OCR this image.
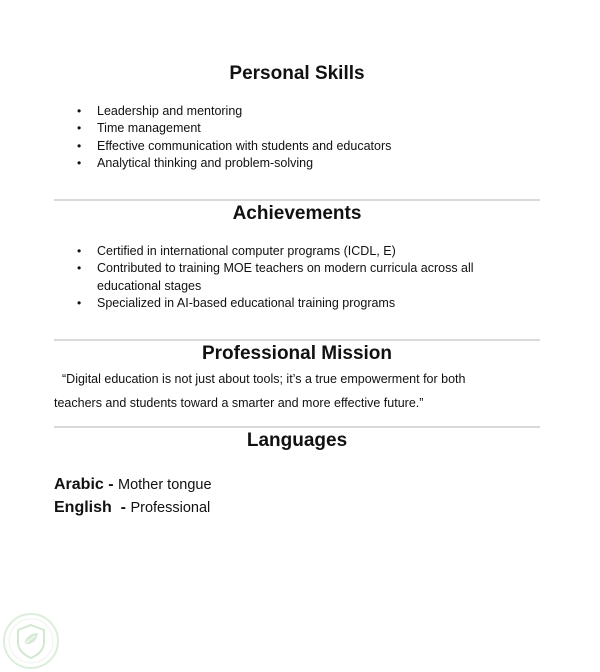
Personal Skills
• Leadership and mentoring
• Time management
• Effective communication with students and educators
• Analytical thinking and problem-solving
Achievements
• Certified in international computer programs (ICDL, E)
• Contributed to training MOE teachers on modern curricula across all educational stages
• Specialized in AI-based educational training programs
Professional Mission

“Digital education is not just about tools; it’s a true empowerment for both
teachers and students toward a smarter and more effective future.”

Languages
Arabic - Mother tongue
English  - Professional
